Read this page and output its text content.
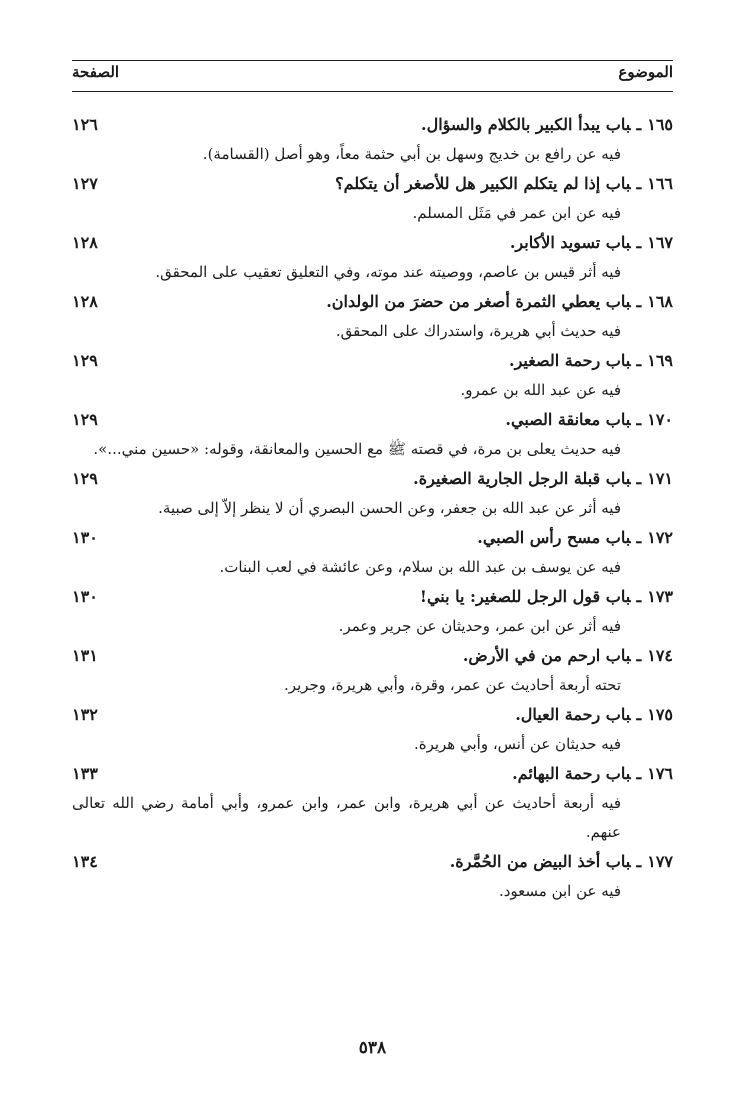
الموضوع
الصفحة
١٦٥ـباب يبدأ الكبير بالكلام والسؤال.
١٢٦
فيه عن رافع بن خديج وسهل بن أبي حثمة معاً، وهو أصل (القسامة).
١٦٦ـباب إذا لم يتكلم الكبير هل للأصغر أن يتكلم؟
١٢٧
فيه عن ابن عمر في مَثَل المسلم.
١٦٧ـباب تسويد الأكابر.
١٢٨
فيه أثر قيس بن عاصم، ووصيته عند موته، وفي التعليق تعقيب على المحقق.
١٦٨ـباب يعطي الثمرة أصغر من حضرَ من الولدان.
١٢٨
فيه حديث أبي هريرة، واستدراك على المحقق.
١٦٩ـباب رحمة الصغير.
١٢٩
فيه عن عبد الله بن عمرو.
١٧٠ـباب معانقة الصبي.
١٢٩
فيه حديث يعلى بن مرة، في قصته ﷺ مع الحسين والمعانقة، وقوله: «حسين مني...».
١٧١ـباب قبلة الرجل الجارية الصغيرة.
١٢٩
فيه أثر عن عبد الله بن جعفر، وعن الحسن البصري أن لا ينظر إلاّ إلى صبية.
١٧٢ـباب مسح رأس الصبي.
١٣٠
فيه عن يوسف بن عبد الله بن سلام، وعن عائشة في لعب البنات.
١٧٣ـباب قول الرجل للصغير: يا بني!
١٣٠
فيه أثر عن ابن عمر، وحديثان عن جرير وعمر.
١٧٤ـباب ارحم من في الأرض.
١٣١
تحته أربعة أحاديث عن عمر، وقرة، وأبي هريرة، وجرير.
١٧٥ـباب رحمة العيال.
١٣٢
فيه حديثان عن أنس، وأبي هريرة.
١٧٦ـباب رحمة البهائم.
١٣٣
فيه أربعة أحاديث عن أبي هريرة، وابن عمر، وابن عمرو، وأبي أمامة رضي الله تعالى عنهم.
١٧٧ـباب أخذ البيض من الحُمَّرة.
١٣٤
فيه عن ابن مسعود.
٥٣٨
